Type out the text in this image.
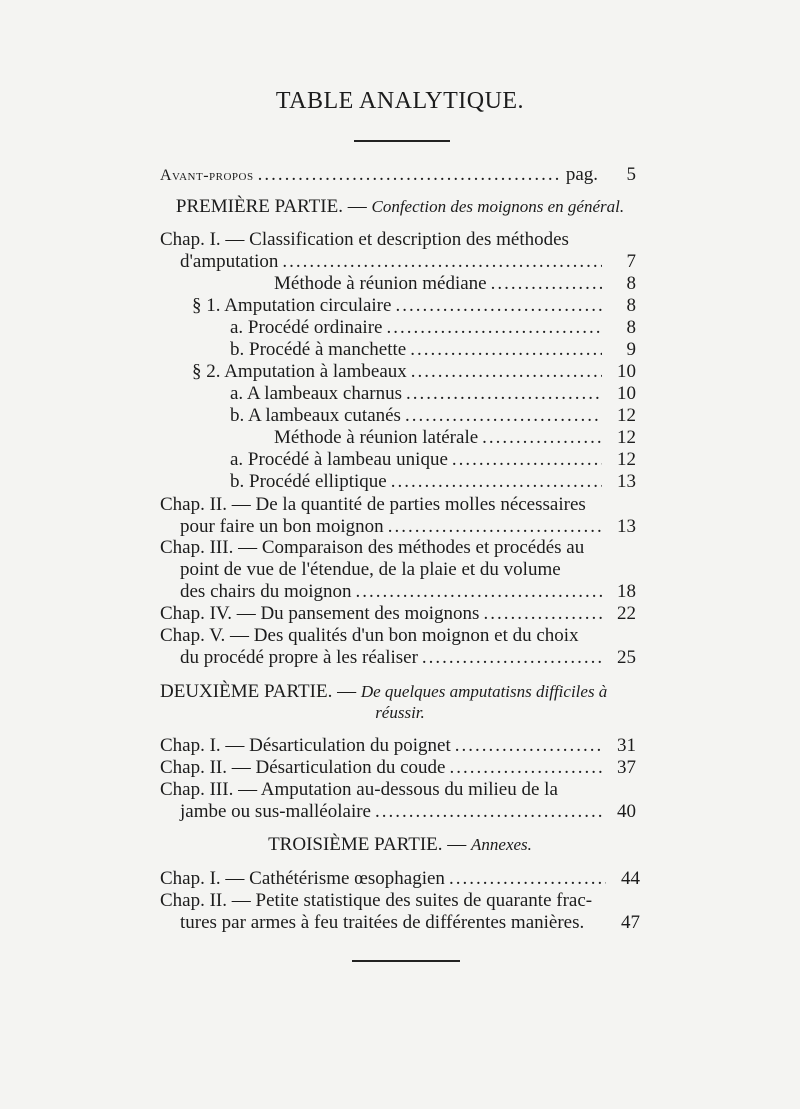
TABLE ANALYTIQUE.
Avant-propos .....	pag. 5
PREMIÈRE PARTIE. — Confection des moignons en général.
Chap. I. — Classification et description des méthodes
d'amputation .....	7
Méthode à réunion médiane .....	8
§ 1. Amputation circulaire .....	8
a. Procédé ordinaire .....	8
b. Procédé à manchette .....	9
§ 2. Amputation à lambeaux .....	10
a. A lambeaux charnus .....	10
b. A lambeaux cutanés .....	12
Méthode à réunion latérale .....	12
a. Procédé à lambeau unique .....	12
b. Procédé elliptique .....	13
Chap. II. — De la quantité de parties molles nécessaires
pour faire un bon moignon .....	13
Chap. III. — Comparaison des méthodes et procédés au
point de vue de l'étendue, de la plaie et du volume
des chairs du moignon .....	18
Chap. IV. — Du pansement des moignons .....	22
Chap. V. — Des qualités d'un bon moignon et du choix
du procédé propre à les réaliser .....	25
DEUXIÈME PARTIE. — De quelques amputatisns difficiles à
réussir.
Chap. I. — Désarticulation du poignet .....	31
Chap. II. — Désarticulation du coude .....	37
Chap. III. — Amputation au-dessous du milieu de la
jambe ou sus-malléolaire .....	40
TROISIÈME PARTIE. — Annexes.
Chap. I. — Cathétérisme œsophagien .....	44
Chap. II. — Petite statistique des suites de quarante frac-
tures par armes à feu traitées de différentes manières.	47
